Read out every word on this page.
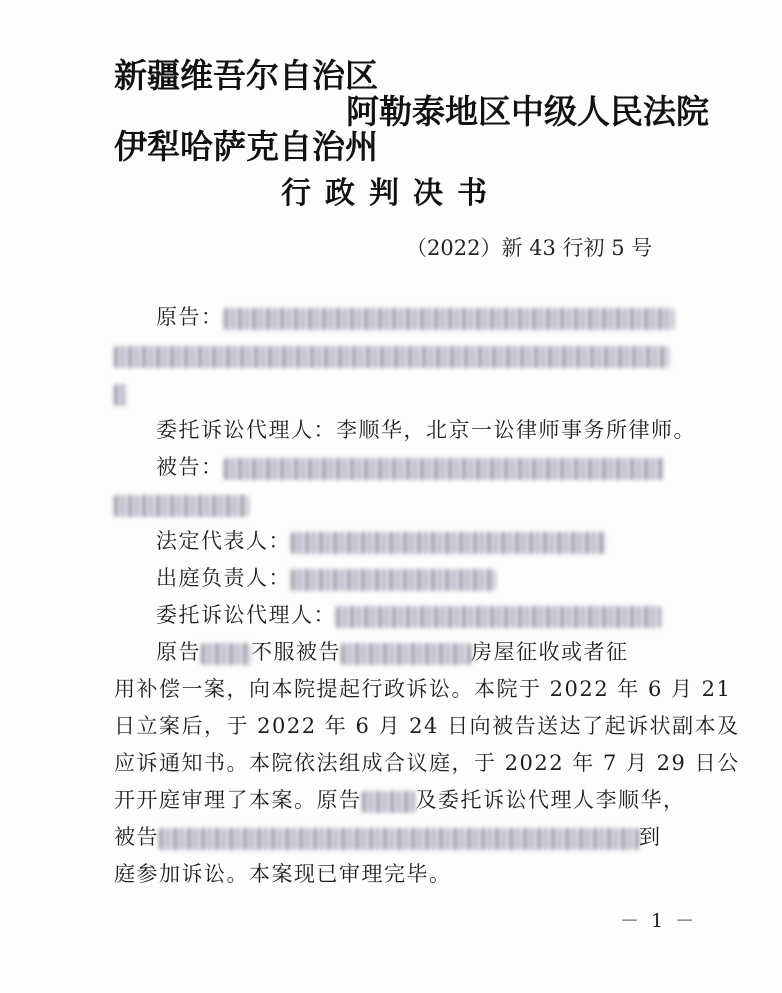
新疆维吾尔自治区
阿勒泰地区中级人民法院
伊犁哈萨克自治州
行政判决书
（2022）新 43 行初 5 号
原告：
委托诉讼代理人：李顺华，北京一讼律师事务所律师。
被告：
法定代表人：
出庭负责人：
委托诉讼代理人：
原告 不服被告	房屋征收或者征
用补偿一案，向本院提起行政诉讼。本院于 2022 年 6 月 21
日立案后，于 2022 年 6 月 24 日向被告送达了起诉状副本及
应诉通知书。本院依法组成合议庭，于 2022 年 7 月 29 日公
开开庭审理了本案。原告	及委托诉讼代理人李顺华，
被告	到
庭参加诉讼。本案现已审理完毕。
－ 1 －
